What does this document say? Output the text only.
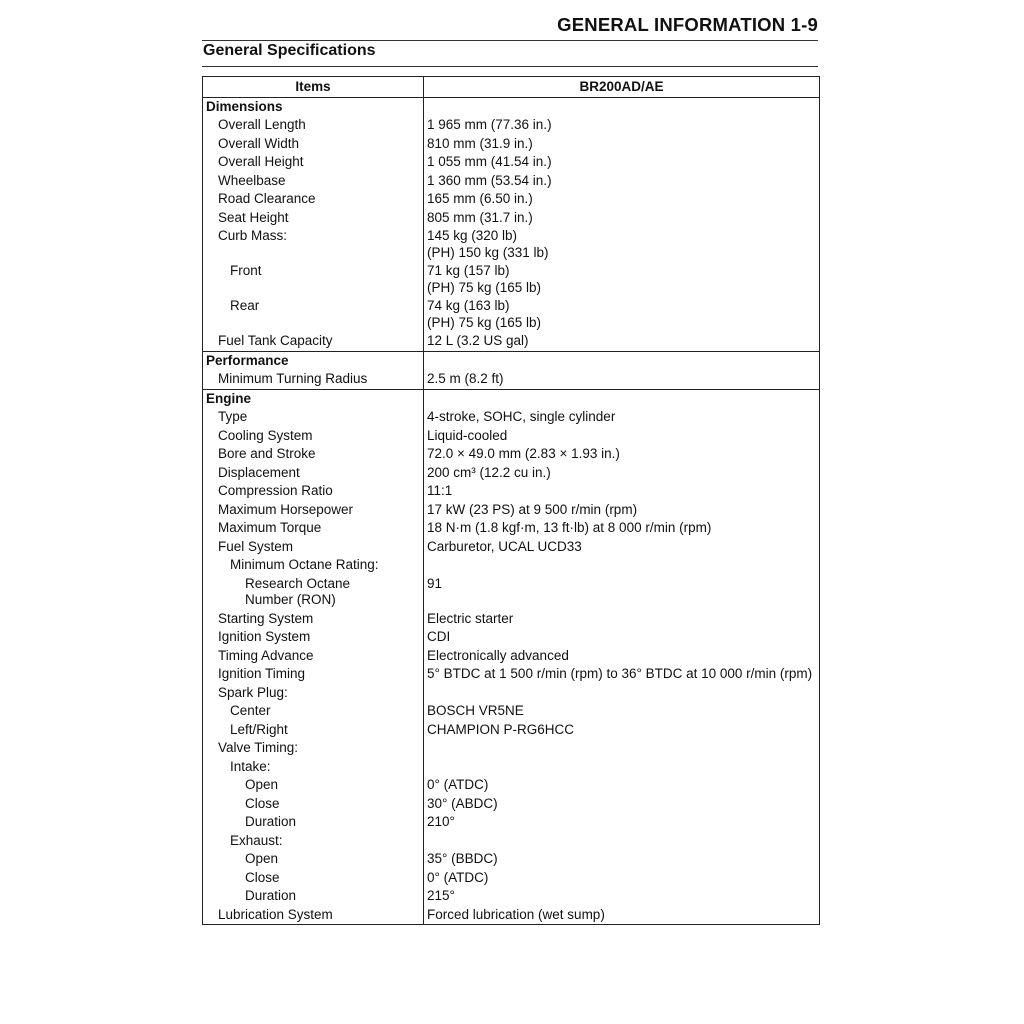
GENERAL INFORMATION 1-9
General Specifications
Items	BR200AD/AE
Dimensions	
Overall Length	1 965 mm (77.36 in.)
Overall Width	810 mm (31.9 in.)
Overall Height	1 055 mm (41.54 in.)
Wheelbase	1 360 mm (53.54 in.)
Road Clearance	165 mm (6.50 in.)
Seat Height	805 mm (31.7 in.)
Curb Mass:	145 kg (320 lb)
(PH) 150 kg (331 lb)

Front	71 kg (157 lb)
(PH) 75 kg (165 lb)

Rear	74 kg (163 lb)
(PH) 75 kg (165 lb)

Fuel Tank Capacity	12 L (3.2 US gal)
Performance	
Minimum Turning Radius	2.5 m (8.2 ft)
Engine	
Type	4-stroke, SOHC, single cylinder
Cooling System	Liquid-cooled
Bore and Stroke	72.0 × 49.0 mm (2.83 × 1.93 in.)
Displacement	200 cm³ (12.2 cu in.)
Compression Ratio	11:1
Maximum Horsepower	17 kW (23 PS) at 9 500 r/min (rpm)
Maximum Torque	18 N·m (1.8 kgf·m, 13 ft·lb) at 8 000 r/min (rpm)
Fuel System	Carburetor, UCAL UCD33
Minimum Octane Rating:	

Research Octane
Number (RON)	91
Starting System	Electric starter
Ignition System	CDI
Timing Advance	Electronically advanced
Ignition Timing	5° BTDC at 1 500 r/min (rpm) to 36° BTDC at 10 000 r/min (rpm)
Spark Plug:	
Center	BOSCH VR5NE
Left/Right	CHAMPION P-RG6HCC
Valve Timing:	
Intake:	
Open	0° (ATDC)
Close	30° (ABDC)
Duration	210°
Exhaust:	
Open	35° (BBDC)
Close	0° (ATDC)
Duration	215°
Lubrication System	Forced lubrication (wet sump)
